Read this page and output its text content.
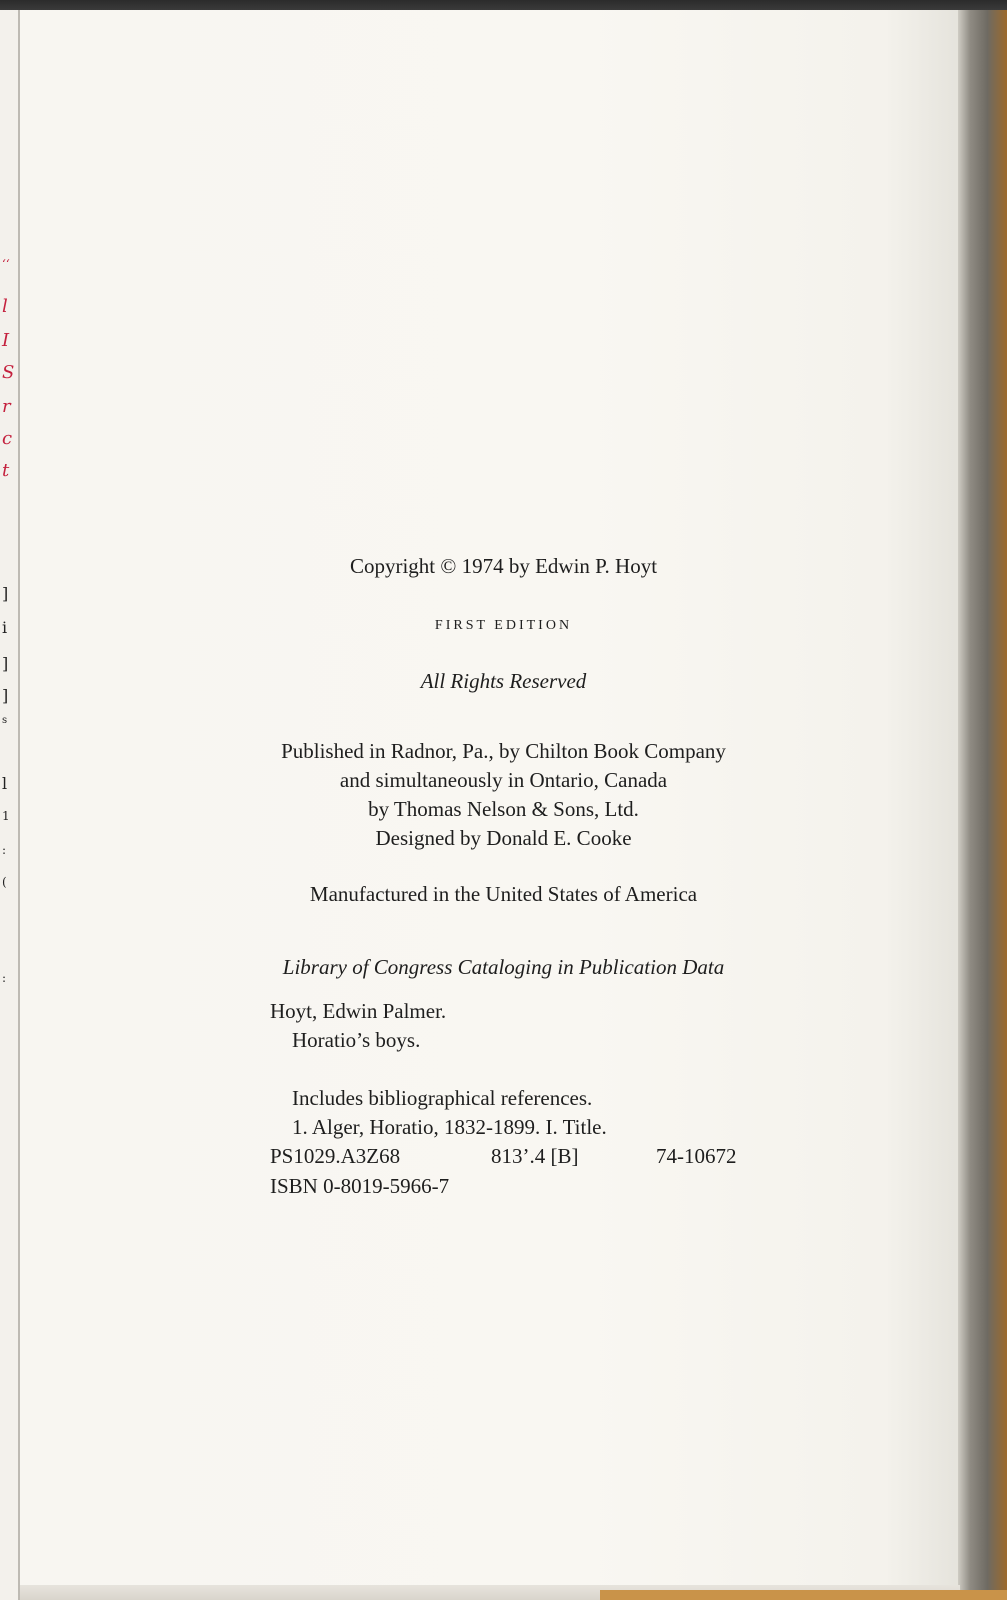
‘‘
l
I
S
r
c
t
]
i
]
]
s
l
1
:
(
:
Copyright © 1974 by Edwin P. Hoyt
FIRST EDITION
All Rights Reserved
Published in Radnor, Pa., by Chilton Book Company
and simultaneously in Ontario, Canada
by Thomas Nelson & Sons, Ltd.
Designed by Donald E. Cooke
Manufactured in the United States of America
Library of Congress Cataloging in Publication Data
Hoyt, Edwin Palmer.
Horatio’s boys.
Includes bibliographical references.
1. Alger, Horatio, 1832-1899. I. Title.
PS1029.A3Z68	813’.4 [B]	74-10672
ISBN 0-8019-5966-7
